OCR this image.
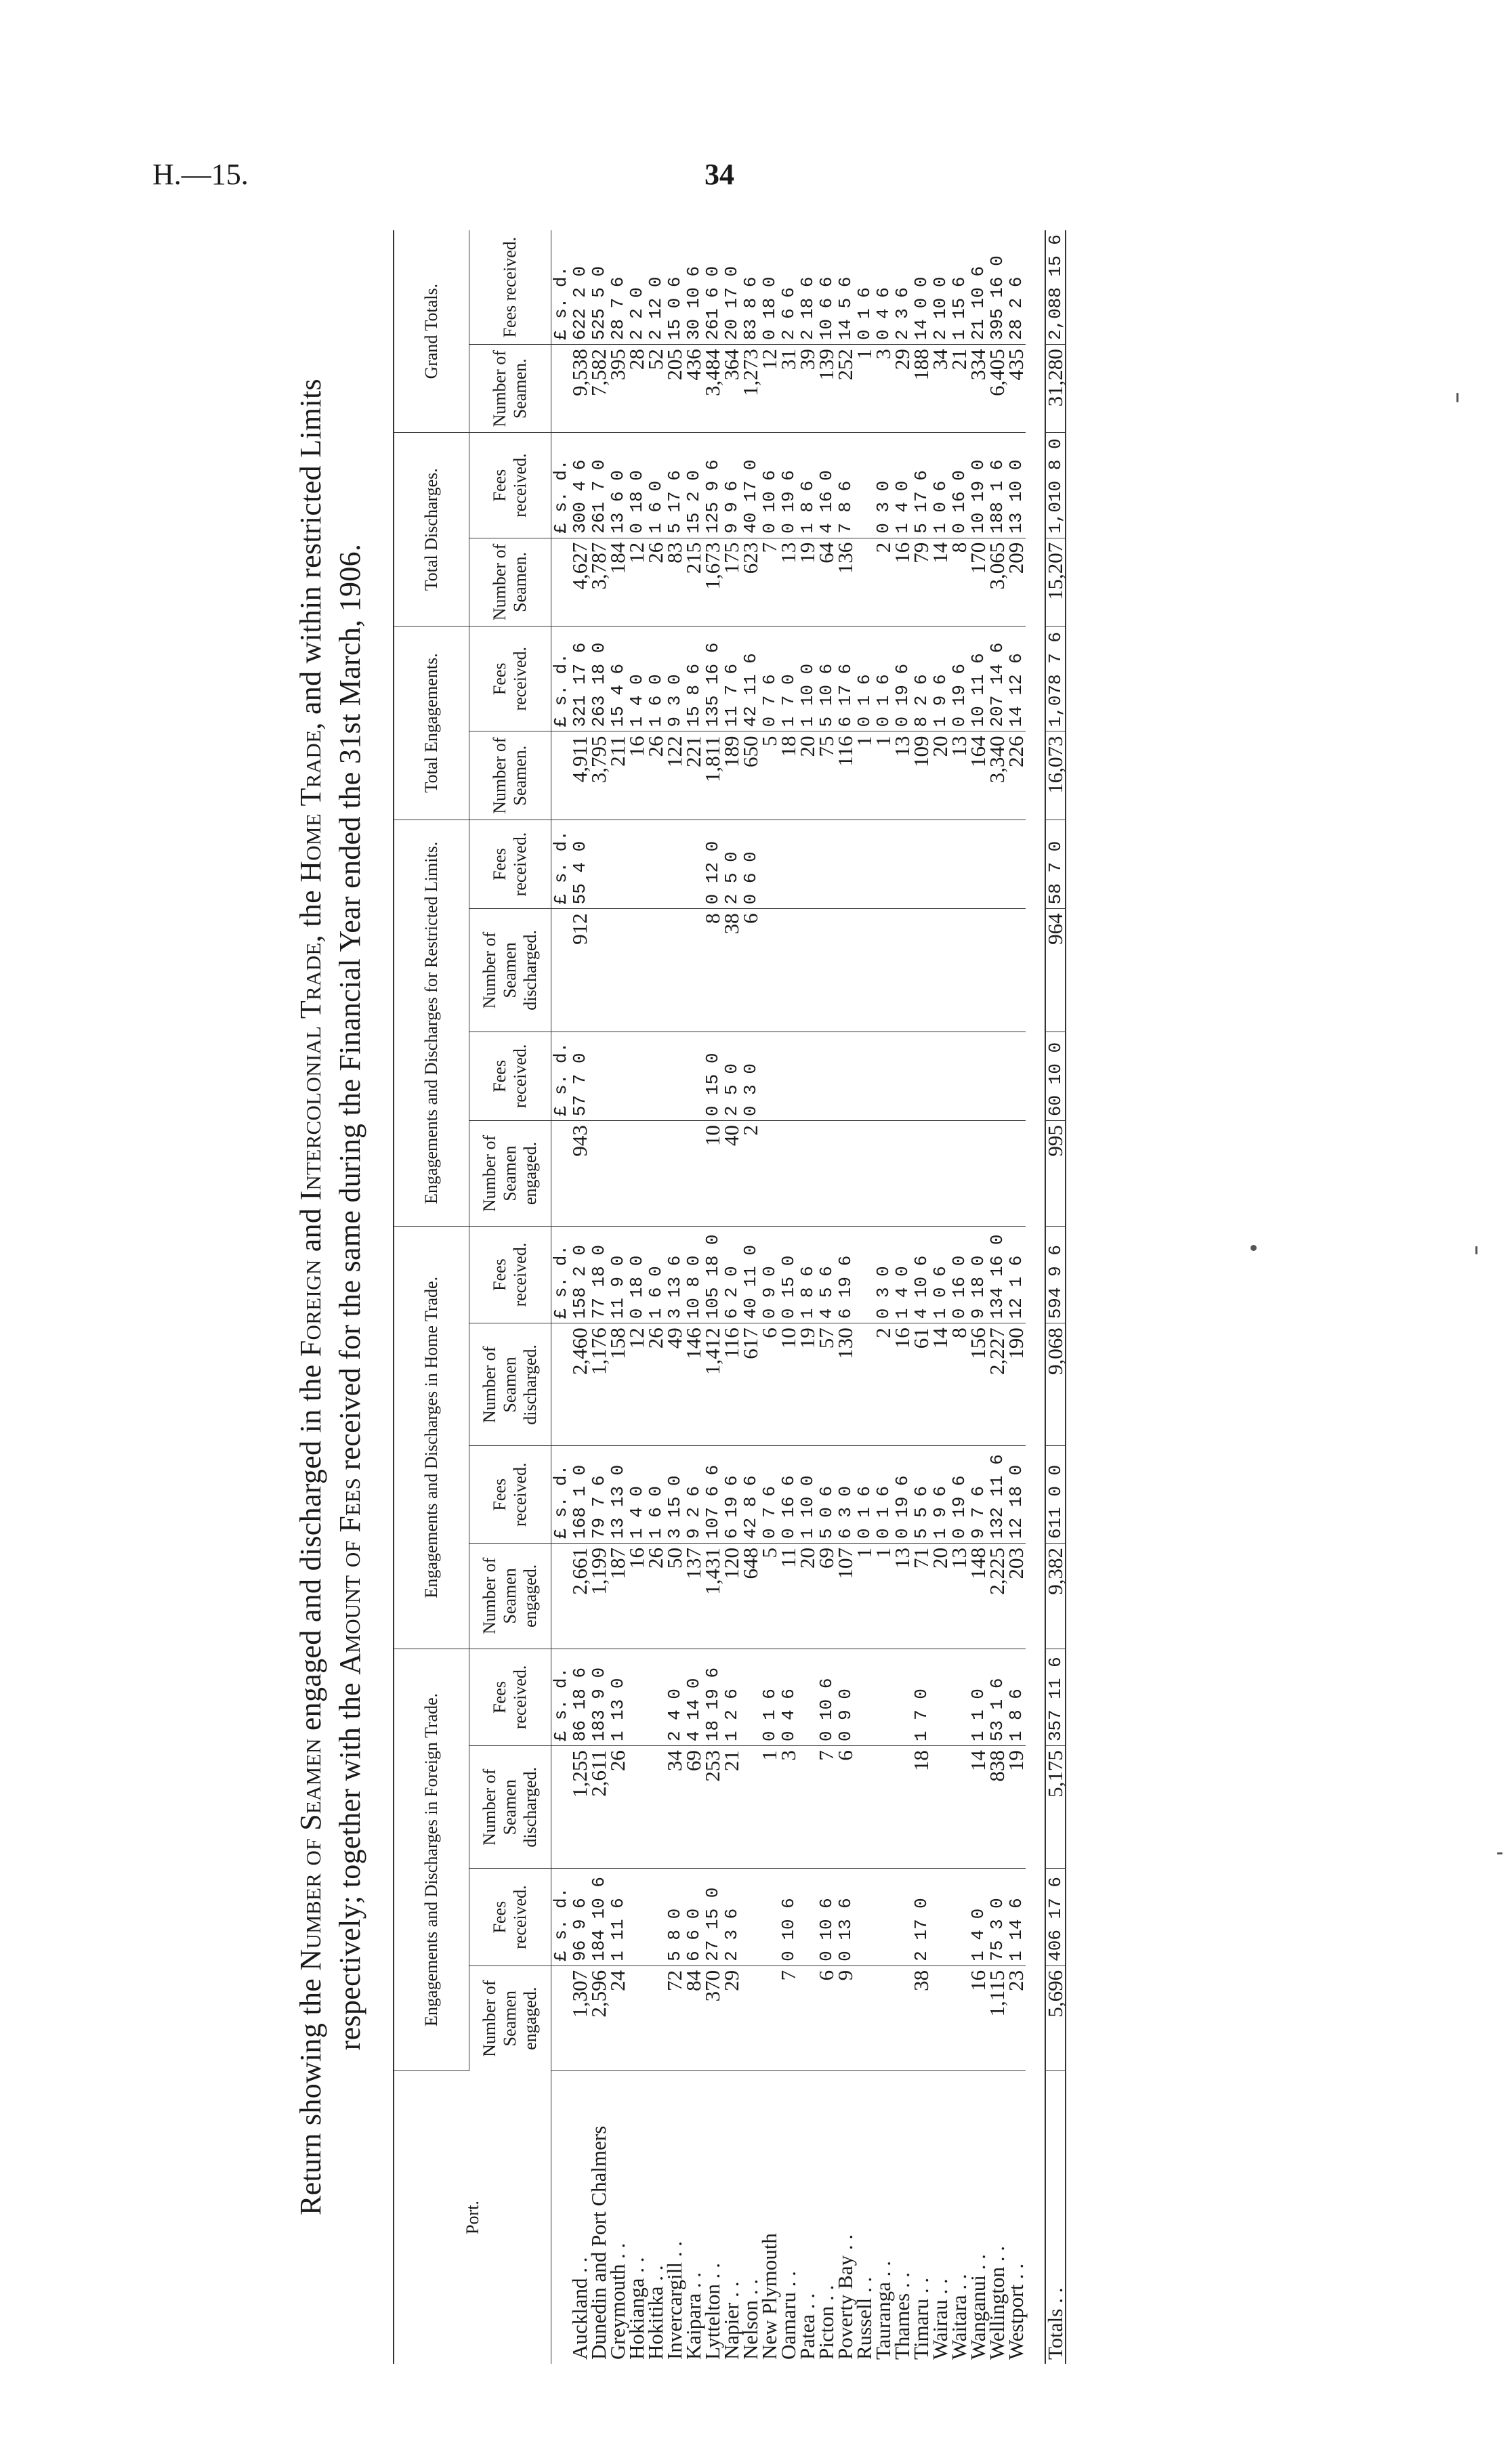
H.—15.	34
Return showing the Number of Seamen engaged and discharged in the Foreign and Intercolonial Trade, the Home Trade, and within restricted Limits
respectively; together with the Amount of Fees received for the same during the Financial Year ended the 31st March, 1906.
Port.	Engagements and Discharges in Foreign Trade.				Engagements and Discharges in Home Trade.				Engagements and Discharges for Restricted Limits.				Total Engagements.		Total Discharges.		Grand Totals.	
	Number of Seamen engaged.	Fees received.	Number of Seamen discharged.	Fees received.	Number of Seamen engaged.	Fees received.	Number of Seamen discharged.	Fees received.	Number of Seamen engaged.	Fees received.	Number of Seamen discharged.	Fees received.	Number of Seamen.	Fees received.	Number of Seamen.	Fees received.	Number of Seamen.	Fees received.
		£ s. d.		£ s. d.		£ s. d.		£ s. d.		£ s. d.		£ s. d.		£ s. d.		£ s. d.		£ s. d.
Auckland . .	1,307	96 9 6	1,255	86 18 6	2,661	168 1 0	2,460	158 2 0	943	57 7 0	912	55 4 0	4,911	321 17 6	4,627	300 4 6	9,538	622 2 0
Dunedin and Port Chalmers	2,596	184 10 6	2,611	183 9 0	1,199	79 7 6	1,176	77 18 0					3,795	263 18 0	3,787	261 7 0	7,582	525 5 0
Greymouth . .	24	1 11 6	26	1 13 0	187	13 13 0	158	11 9 0					211	15 4 6	184	13 6 0	395	28 7 6
Hokianga . .					16	1 4 0	12	0 18 0					16	1 4 0	12	0 18 0	28	2 2 0
Hokitika . .					26	1 6 0	26	1 6 0					26	1 6 0	26	1 6 0	52	2 12 0
Invercargill . .	72	5 8 0	34	2 4 0	50	3 15 0	49	3 13 6					122	9 3 0	83	5 17 6	205	15 0 6
Kaipara . .	84	6 6 0	69	4 14 0	137	9 2 6	146	10 8 0					221	15 8 6	215	15 2 0	436	30 10 6
Lyttelton . .	370	27 15 0	253	18 19 6	1,431	107 6 6	1,412	105 18 0	10	0 15 0	8	0 12 0	1,811	135 16 6	1,673	125 9 6	3,484	261 6 0
Napier . .	29	2 3 6	21	1 2 6	120	6 19 6	116	6 2 0	40	2 5 0	38	2 5 0	189	11 7 6	175	9 9 6	364	20 17 0
Nelson . .					648	42 8 6	617	40 11 0	2	0 3 0	6	0 6 0	650	42 11 6	623	40 17 0	1,273	83 8 6
New Plymouth			1	0 1 6	5	0 7 6	6	0 9 0					5	0 7 6	7	0 10 6	12	0 18 0
Oamaru . .	7	0 10 6	3	0 4 6	11	0 16 6	10	0 15 0					18	1 7 0	13	0 19 6	31	2 6 6
Patea . .					20	1 10 0	19	1 8 6					20	1 10 0	19	1 8 6	39	2 18 6
Picton . .	6	0 10 6	7	0 10 6	69	5 0 6	57	4 5 6					75	5 10 6	64	4 16 0	139	10 6 6
Poverty Bay . .	9	0 13 6	6	0 9 0	107	6 3 0	130	6 19 6					116	6 17 6	136	7 8 6	252	14 5 6
Russell . .					1	0 1 6							1	0 1 6			1	0 1 6
Tauranga . .					1	0 1 6	2	0 3 0					1	0 1 6	2	0 3 0	3	0 4 6
Thames . .					13	0 19 6	16	1 4 0					13	0 19 6	16	1 4 0	29	2 3 6
Timaru . .	38	2 17 0	18	1 7 0	71	5 5 6	61	4 10 6					109	8 2 6	79	5 17 6	188	14 0 0
Wairau . .					20	1 9 6	14	1 0 6					20	1 9 6	14	1 0 6	34	2 10 0
Waitara . .					13	0 19 6	8	0 16 0					13	0 19 6	8	0 16 0	21	1 15 6
Wanganui . .	16	1 4 0	14	1 1 0	148	9 7 6	156	9 18 0					164	10 11 6	170	10 19 0	334	21 10 6
Wellington . .	1,115	75 3 0	838	53 1 6	2,225	132 11 6	2,227	134 16 0					3,340	207 14 6	3,065	188 1 6	6,405	395 16 0
Westport . .	23	1 14 6	19	1 8 6	203	12 18 0	190	12 1 6					226	14 12 6	209	13 10 0	435	28 2 6

Totals . .	5,696	406 17 6	5,175	357 11 6	9,382	611 0 0	9,068	594 9 6	995	60 10 0	964	58 7 0	16,073	1,078 7 6	15,207	1,010 8 0	31,280	2,088 15 6
